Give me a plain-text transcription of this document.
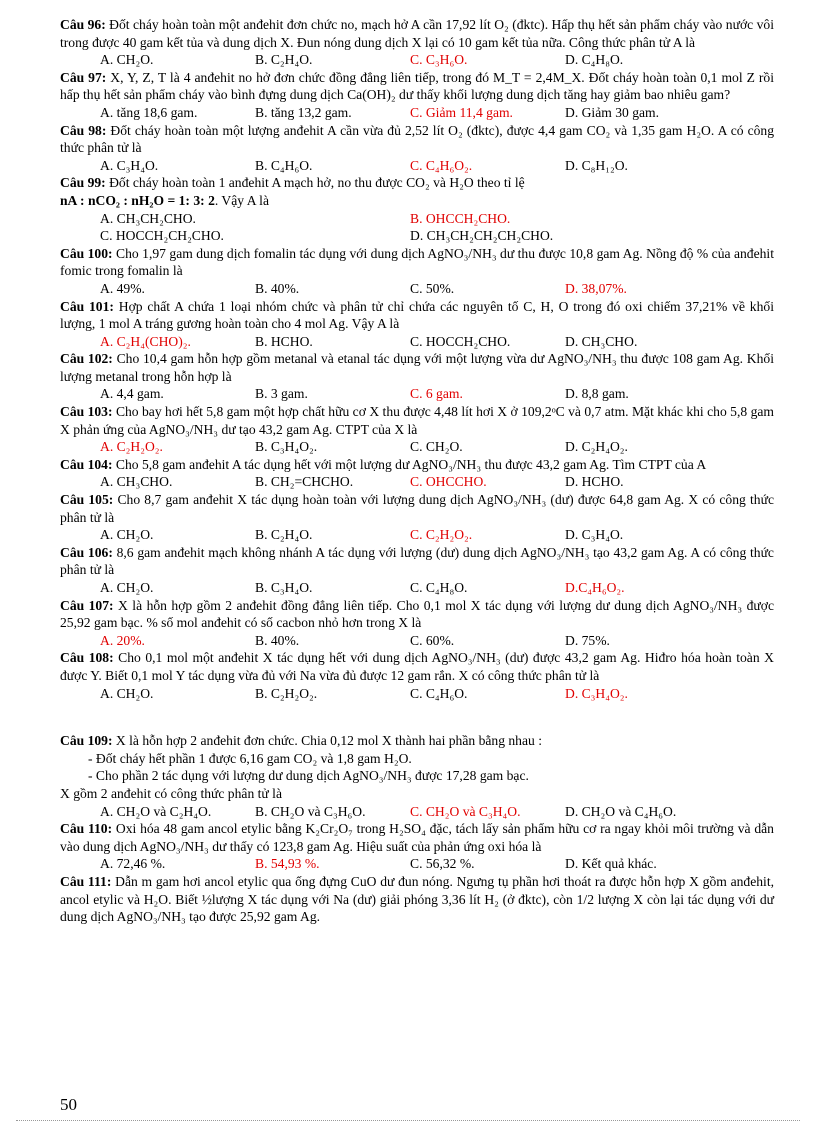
Câu 96: Đốt cháy hoàn toàn một anđehit đơn chức no, mạch hở A cần 17,92 lít O₂ (đktc). Hấp thụ hết sản phẩm cháy vào nước vôi trong được 40 gam kết tủa và dung dịch X. Đun nóng dung dịch X lại có 10 gam kết tủa nữa. Công thức phân tử A là

A. CH₂O.	B. C₂H₄O.	C. C₃H₆O.	D. C₄H₈O.

Câu 97: X, Y, Z, T là 4 anđehit no hở đơn chức đồng đẳng liên tiếp, trong đó M_T = 2,4M_X. Đốt cháy hoàn toàn 0,1 mol Z rồi hấp thụ hết sản phẩm cháy vào bình đựng dung dịch Ca(OH)₂ dư thấy khối lượng dung dịch tăng hay giảm bao nhiêu gam?

A. tăng 18,6 gam.	B. tăng 13,2 gam.	C. Giảm 11,4 gam.	D. Giảm 30 gam.

Câu 98: Đốt cháy hoàn toàn một lượng anđehit A cần vừa đủ 2,52 lít O₂ (đktc), được 4,4 gam CO₂ và 1,35 gam H₂O. A có công thức phân tử là

A. C₃H₄O.	B. C₄H₆O.	C. C₄H₆O₂.	D. C₈H₁₂O.

Câu 99: Đốt cháy hoàn toàn 1 anđehit A mạch hở, no thu được CO₂ và H₂O theo tỉ lệ

nA : nCO₂ : nH₂O = 1: 3: 2. Vậy A là

A. CH₃CH₂CHO.	B. OHCCH₂CHO.
C. HOCCH₂CH₂CHO.	D. CH₃CH₂CH₂CH₂CHO.

Câu 100: Cho 1,97 gam dung dịch fomalin tác dụng với dung dịch AgNO₃/NH₃ dư thu được 10,8 gam Ag. Nồng độ % của anđehit fomic trong fomalin là

A. 49%.	B. 40%.	C. 50%.	D. 38,07%.

Câu 101: Hợp chất A chứa 1 loại nhóm chức và phân tử chỉ chứa các nguyên tố C, H, O trong đó oxi chiếm 37,21% về khối lượng, 1 mol A tráng gương hoàn toàn cho 4 mol Ag. Vậy A là

A. C₂H₄(CHO)₂.	B. HCHO.	C. HOCCH₂CHO.	D. CH₃CHO.

Câu 102: Cho 10,4 gam hỗn hợp gồm metanal và etanal tác dụng với một lượng vừa dư AgNO₃/NH₃ thu được 108 gam Ag. Khối lượng metanal trong hỗn hợp là

A. 4,4 gam.	B. 3 gam.	C. 6 gam.	D. 8,8 gam.

Câu 103: Cho bay hơi hết 5,8 gam một hợp chất hữu cơ X thu được 4,48 lít hơi X ở 109,2ᵒC và 0,7 atm. Mặt khác khi cho 5,8 gam X phản ứng của AgNO₃/NH₃ dư tạo 43,2 gam Ag. CTPT của X là

A. C₂H₂O₂.	B. C₃H₄O₂.	C. CH₂O.	D. C₂H₄O₂.

Câu 104: Cho 5,8 gam anđehit A tác dụng hết với một lượng dư AgNO₃/NH₃ thu được 43,2 gam Ag. Tìm CTPT của A

A. CH₃CHO.	B. CH₂=CHCHO.	C. OHCCHO.	D. HCHO.

Câu 105: Cho 8,7 gam anđehit X tác dụng hoàn toàn với lượng dung dịch AgNO₃/NH₃ (dư) được 64,8 gam Ag. X có công thức phân tử là

A. CH₂O.	B. C₂H₄O.	C. C₂H₂O₂.	D. C₃H₄O.

Câu 106: 8,6 gam anđehit mạch không nhánh A tác dụng với lượng (dư) dung dịch AgNO₃/NH₃ tạo 43,2 gam Ag. A có công thức phân tử là

A. CH₂O.	B. C₃H₄O.	C. C₄H₈O.	D.C₄H₆O₂.

Câu 107: X là hỗn hợp gồm 2 anđehit đồng đẳng liên tiếp. Cho 0,1 mol X tác dụng với lượng dư dung dịch AgNO₃/NH₃ được 25,92 gam bạc. % số mol anđehit có số cacbon nhỏ hơn trong X là

A. 20%.	B. 40%.	C. 60%.	D. 75%.

Câu 108: Cho 0,1 mol một anđehit X tác dụng hết với dung dịch AgNO₃/NH₃ (dư) được 43,2 gam Ag. Hiđro hóa hoàn toàn X được Y. Biết 0,1 mol Y tác dụng vừa đủ với Na vừa đủ được 12 gam rắn. X có công thức phân tử là

A. CH₂O.	B. C₂H₂O₂.	C. C₄H₆O.	D. C₃H₄O₂.

Câu 109: X là hỗn hợp 2 anđehit đơn chức. Chia 0,12 mol X thành hai phần bằng nhau :

- Đốt cháy hết phần 1 được 6,16 gam CO₂ và 1,8 gam H₂O.

- Cho phần 2 tác dụng với lượng dư dung dịch AgNO₃/NH₃ được 17,28 gam bạc.

X gồm 2 anđehit có công thức phân tử là

A. CH₂O và C₂H₄O.	B. CH₂O và C₃H₆O.	C. CH₂O và C₃H₄O.	D. CH₂O và C₄H₆O.

Câu 110: Oxi hóa 48 gam ancol etylic bằng K₂Cr₂O₇ trong H₂SO₄ đặc, tách lấy sản phẩm hữu cơ ra ngay khỏi môi trường và dẫn vào dung dịch AgNO₃/NH₃ dư thấy có 123,8 gam Ag. Hiệu suất của phản ứng oxi hóa là

A. 72,46 %.	B. 54,93 %.	C. 56,32 %.	D. Kết quả khác.

Câu 111: Dẫn m gam hơi ancol etylic qua ống đựng CuO dư đun nóng. Ngưng tụ phần hơi thoát ra được hỗn hợp X gồm anđehit, ancol etylic và H₂O. Biết ½lượng X tác dụng với Na (dư) giải phóng 3,36 lít H₂ (ở đktc), còn 1/2 lượng X còn lại tác dụng với dư dung dịch AgNO₃/NH₃ tạo được 25,92 gam Ag.

50
